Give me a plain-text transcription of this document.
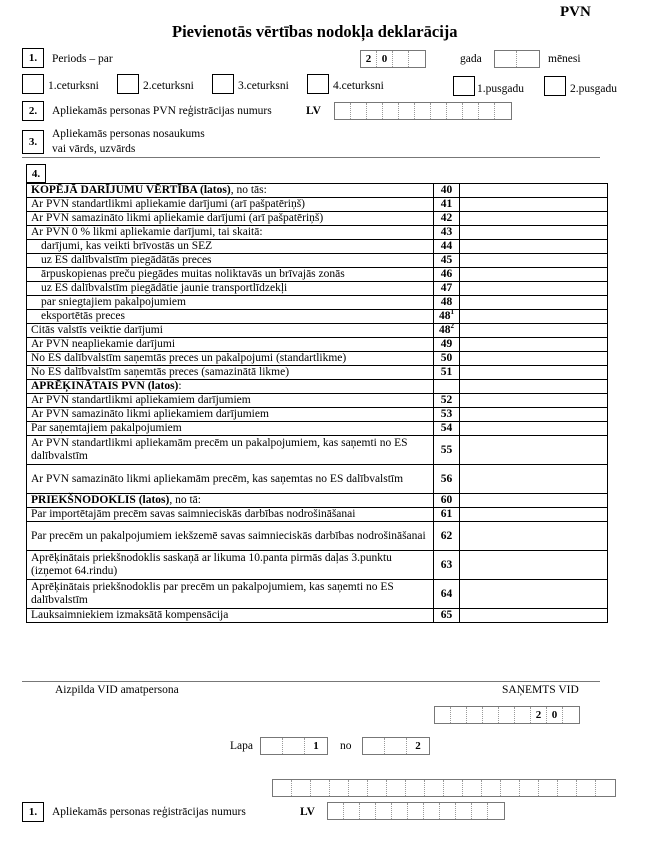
PVN
Pievienotās vērtības nodokļa deklarācija
1.	Periods – par	2 0	gada	mēnesi
1.ceturksni	2.ceturksni	3.ceturksni	4.ceturksni	1.pusgadu	2.pusgadu
2.	Apliekamās personas PVN reģistrācijas numurs	LV
3.
Apliekamās personas nosaukums
vai vārds, uzvārds
4.
KOPĒJĀ DARĪJUMU VĒRTĪBA (latos), no tās:	40	
Ar PVN standartlikmi apliekamie darījumi (arī pašpatēriņš)	41	
Ar PVN samazināto likmi apliekamie darījumi (arī pašpatēriņš)	42	
Ar PVN 0 % likmi apliekamie darījumi, tai skaitā:	43	
darījumi, kas veikti brīvostās un SEZ	44	
uz ES dalībvalstīm piegādātās preces	45	
ārpuskopienas preču piegādes muitas noliktavās un brīvajās zonās	46	
uz ES dalībvalstīm piegādātie jaunie transportlīdzekļi	47	
par sniegtajiem pakalpojumiem	48	
eksportētās preces	$48^1$	
Citās valstīs veiktie darījumi	$48^2$	
Ar PVN neapliekamie darījumi	49	
No ES dalībvalstīm saņemtās preces un pakalpojumi (standartlikme)	50	
No ES dalībvalstīm saņemtās preces (samazinātā likme)	51	
APRĒĶINĀTAIS PVN (latos):		
Ar PVN standartlikmi apliekamiem darījumiem	52	
Ar PVN samazināto likmi apliekamiem darījumiem	53	
Par saņemtajiem pakalpojumiem	54	
Ar PVN standartlikmi apliekamām precēm un pakalpojumiem, kas saņemti no ES dalībvalstīm	55	
Ar PVN samazināto likmi apliekamām precēm, kas saņemtas no ES dalībvalstīm	56	
PRIEKŠNODOKLIS (latos), no tā:	60	
Par importētajām precēm savas saimnieciskās darbības nodrošināšanai	61	
Par precēm un pakalpojumiem iekšzemē savas saimnieciskās darbības nodrošināšanai	62	
Aprēķinātais priekšnodoklis saskaņā ar likuma 10.panta pirmās daļas 3.punktu (izņemot 64.rindu)	63	
Aprēķinātais priekšnodoklis par precēm un pakalpojumiem, kas saņemti no ES dalībvalstīm	64	
Lauksaimniekiem izmaksātā kompensācija	65	
Aizpilda VID amatpersona	SAŅEMTS VID
2 0
Lapa	1	no	2
1.	Apliekamās personas reģistrācijas numurs	LV
